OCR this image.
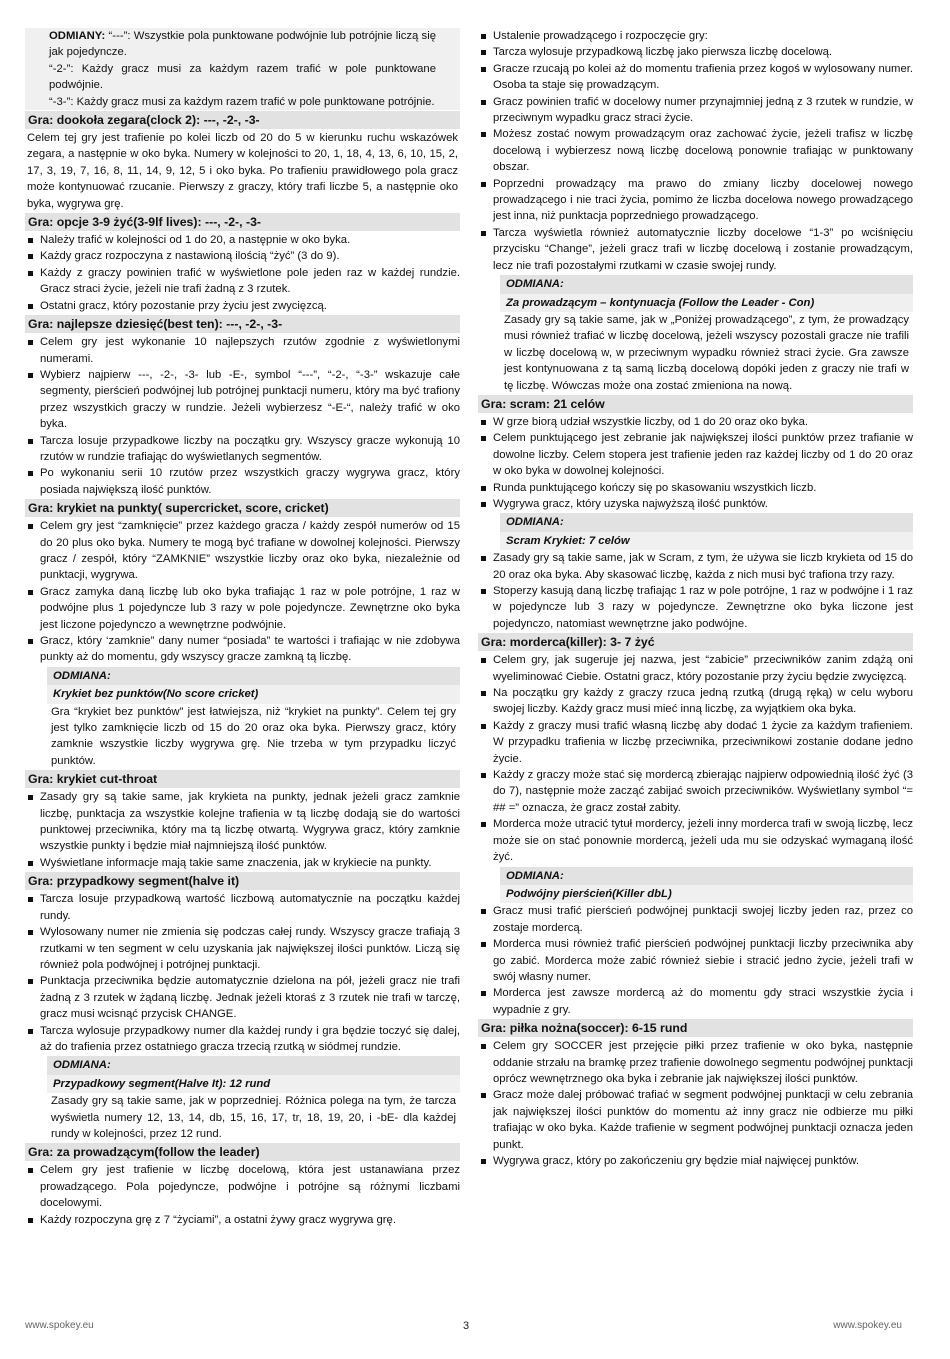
ODMIANY: “---”: Wszystkie pola punktowane podwójnie lub potrójnie liczą się jak pojedyncze.
“-2-”: Każdy gracz musi za każdym razem trafić w pole punktowane podwójnie.
“-3-”: Każdy gracz musi za każdym razem trafić w pole punktowane potrójnie.
Gra: dookoła zegara(clock 2): ---, -2-, -3-

Celem tej gry jest trafienie po kolei liczb od 20 do 5 w kierunku ruchu wskazówek zegara, a następnie w oko byka. Numery w kolejności to 20, 1, 18, 4, 13, 6, 10, 15, 2, 17, 3, 19, 7, 16, 8, 11, 14, 9, 12, 5 i oko byka. Po trafieniu prawidłowego pola gracz może kontynuować rzucanie. Pierwszy z graczy, który trafi liczbe 5, a następnie oko byka, wygrywa grę.

Gra: opcje 3-9 żyć(3-9lf lives): ---, -2-, -3-
Należy trafić w kolejności od 1 do 20, a następnie w oko byka.
Każdy gracz rozpoczyna z nastawioną ilością “żyć” (3 do 9).
Każdy z graczy powinien trafić w wyświetlone pole jeden raz w każdej rundzie. Gracz straci życie, jeżeli nie trafi żadną z 3 rzutek.
Ostatni gracz, który pozostanie przy życiu jest zwycięzcą.
Gra: najlepsze dziesięć(best ten): ---, -2-, -3-
Celem gry jest wykonanie 10 najlepszych rzutów zgodnie z wyświetlonymi numerami.
Wybierz najpierw ---, -2-, -3- lub -E-, symbol “---”, “-2-, “-3-” wskazuje całe segmenty, pierścień podwójnej lub potrójnej punktacji numeru, który ma być trafiony przez wszystkich graczy w rundzie. Jeżeli wybierzesz “-E-“, należy trafić w oko byka.
Tarcza losuje przypadkowe liczby na początku gry. Wszyscy gracze wykonują 10 rzutów w rundzie trafiając do wyświetlanych segmentów.
Po wykonaniu serii 10 rzutów przez wszystkich graczy wygrywa gracz, który posiada największą ilość punktów.
Gra: krykiet na punkty( supercricket, score, cricket)
Celem gry jest “zamknięcie” przez każdego gracza / każdy zespół numerów od 15 do 20 plus oko byka. Numery te mogą być trafiane w dowolnej kolejności. Pierwszy gracz / zespół, który “ZAMKNIE” wszystkie liczby oraz oko byka, niezależnie od punktacji, wygrywa.
Gracz zamyka daną liczbę lub oko byka trafiając 1 raz w pole potrójne, 1 raz w podwójne plus 1 pojedyncze lub 3 razy w pole pojedyncze. Zewnętrzne oko byka jest liczone pojedynczo a wewnętrzne podwójnie.
Gracz, który ‘zamknie” dany numer “posiada” te wartości i trafiając w nie zdobywa punkty aż do momentu, gdy wszyscy gracze zamkną tą liczbę.
ODMIANA:
Krykiet bez punktów(No score cricket)
Gra “krykiet bez punktów” jest łatwiejsza, niż “krykiet na punkty”. Celem tej gry jest tylko zamknięcie liczb od 15 do 20 oraz oka byka. Pierwszy gracz, który zamknie wszystkie liczby wygrywa grę. Nie trzeba w tym przypadku liczyć punktów.
Gra: krykiet cut-throat
Zasady gry są takie same, jak krykieta na punkty, jednak jeżeli gracz zamknie liczbę, punktacja za wszystkie kolejne trafienia w tą liczbę dodają sie do wartości punktowej przeciwnika, który ma tą liczbę otwartą. Wygrywa gracz, który zamknie wszystkie punkty i będzie miał najmniejszą ilość punktów.
Wyświetlane informacje mają takie same znaczenia, jak w krykiecie na punkty.
Gra: przypadkowy segment(halve it)
Tarcza losuje przypadkową wartość liczbową automatycznie na początku każdej rundy.
Wylosowany numer nie zmienia się podczas całej rundy. Wszyscy gracze trafiają 3 rzutkami w ten segment w celu uzyskania jak największej ilości punktów. Liczą się również pola podwójnej i potrójnej punktacji.
Punktacja przeciwnika będzie automatycznie dzielona na pół, jeżeli gracz nie trafi żadną z 3 rzutek w żądaną liczbę. Jednak jeżeli ktoraś z 3 rzutek nie trafi w tarczę, gracz musi wcisnąć przycisk CHANGE.
Tarcza wylosuje przypadkowy numer dla każdej rundy i gra będzie toczyć się dalej, aż do trafienia przez ostatniego gracza trzecią rzutką w siódmej rundzie.
ODMIANA:
Przypadkowy segment(Halve It): 12 rund
Zasady gry są takie same, jak w poprzedniej. Różnica polega na tym, że tarcza wyświetla numery 12, 13, 14, db, 15, 16, 17, tr, 18, 19, 20, i -bE- dla każdej rundy w kolejności, przez 12 rund.
Gra: za prowadzącym(follow the leader)
Celem gry jest trafienie w liczbę docelową, która jest ustanawiana przez prowadzącego. Pola pojedyncze, podwójne i potrójne są różnymi liczbami docelowymi.
Każdy rozpoczyna grę z 7 “życiami”, a ostatni żywy gracz wygrywa grę.
Ustalenie prowadzącego i rozpoczęcie gry:
Tarcza wylosuje przypadkową liczbę jako pierwsza liczbę docelową.
Gracze rzucają po kolei aż do momentu trafienia przez kogoś w wylosowany numer. Osoba ta staje się prowadzącym.
Gracz powinien trafić w docelowy numer przynajmniej jedną z 3 rzutek w rundzie, w przeciwnym wypadku gracz straci życie.
Możesz zostać nowym prowadzącym oraz zachować życie, jeżeli trafisz w liczbę docelową i wybierzesz nową liczbę docelową ponownie trafiając w punktowany obszar.
Poprzedni prowadzący ma prawo do zmiany liczby docelowej nowego prowadzącego i nie traci życia, pomimo że liczba docelowa nowego prowadzącego jest inna, niż punktacja poprzedniego prowadzącego.
Tarcza wyświetla również automatycznie liczby docelowe “1-3” po wciśnięciu przycisku “Change”, jeżeli gracz trafi w liczbę docelową i zostanie prowadzącym, lecz nie trafi pozostałymi rzutkami w czasie swojej rundy.
ODMIANA:
Za prowadzącym – kontynuacja (Follow the Leader - Con)
Zasady gry są takie same, jak w „Poniżej prowadzącego”, z tym, że prowadzący musi również trafiać w liczbę docelową, jeżeli wszyscy pozostali gracze nie trafili w liczbę docelową w, w przeciwnym wypadku również straci życie. Gra zawsze jest kontynuowana z tą samą liczbą docelową dopóki jeden z graczy nie trafi w tę liczbę. Wówczas może ona zostać zmieniona na nową.
Gra: scram: 21 celów
W grze biorą udział wszystkie liczby, od 1 do 20 oraz oko byka.
Celem punktującego jest zebranie jak największej ilości punktów przez trafianie w dowolne liczby. Celem stopera jest trafienie jeden raz każdej liczby od 1 do 20 oraz w oko byka w dowolnej kolejności.
Runda punktującego kończy się po skasowaniu wszystkich liczb.
Wygrywa gracz, który uzyska najwyższą ilość punktów.
ODMIANA:
Scram Krykiet: 7 celów
Zasady gry są takie same, jak w Scram, z tym, że używa sie liczb krykieta od 15 do 20 oraz oka byka. Aby skasować liczbę, każda z nich musi być trafiona trzy razy.
Stoperzy kasują daną liczbę trafiając 1 raz w pole potrójne, 1 raz w podwójne i 1 raz w pojedyncze lub 3 razy w pojedyncze. Zewnętrzne oko byka liczone jest pojedynczo, natomiast wewnętrzne jako podwójne.
Gra: morderca(killer): 3- 7 żyć
Celem gry, jak sugeruje jej nazwa, jest “zabicie” przeciwników zanim zdążą oni wyeliminować Ciebie. Ostatni gracz, który pozostanie przy życiu będzie zwycięzcą.
Na początku gry każdy z graczy rzuca jedną rzutką (drugą ręką) w celu wyboru swojej liczby. Każdy gracz musi mieć inną liczbę, za wyjątkiem oka byka.
Każdy z graczy musi trafić własną liczbę aby dodać 1 życie za każdym trafieniem. W przypadku trafienia w liczbę przeciwnika, przeciwnikowi zostanie dodane jedno życie.
Każdy z graczy może stać się mordercą zbierając najpierw odpowiednią ilość żyć (3 do 7), następnie może zacząć zabijać swoich przeciwników. Wyświetlany symbol “= ## =” oznacza, że gracz został zabity.
Morderca może utracić tytuł mordercy, jeżeli inny morderca trafi w swoją liczbę, lecz może sie on stać ponownie mordercą, jeżeli uda mu sie odzyskać wymaganą ilość żyć.
ODMIANA:
Podwójny pierścień(Killer dbL)
Gracz musi trafić pierścień podwójnej punktacji swojej liczby jeden raz, przez co zostaje mordercą.
Morderca musi również trafić pierścień podwójnej punktacji liczby przeciwnika aby go zabić. Morderca może zabić również siebie i stracić jedno życie, jeżeli trafi w swój własny numer.
Morderca jest zawsze mordercą aż do momentu gdy straci wszystkie życia i wypadnie z gry.
Gra: piłka nożna(soccer): 6-15 rund
Celem gry SOCCER jest przejęcie piłki przez trafienie w oko byka, następnie oddanie strzału na bramkę przez trafienie dowolnego segmentu podwójnej punktacji oprócz wewnętrznego oka byka i zebranie jak największej ilości punktów.
Gracz może dalej próbować trafiać w segment podwójnej punktacji w celu zebrania jak największej ilości punktów do momentu aż inny gracz nie odbierze mu piłki trafiając w oko byka. Każde trafienie w segment podwójnej punktacji oznacza jeden punkt.
Wygrywa gracz, który po zakończeniu gry będzie miał najwięcej punktów.
www.spokey.eu	3	www.spokey.eu
